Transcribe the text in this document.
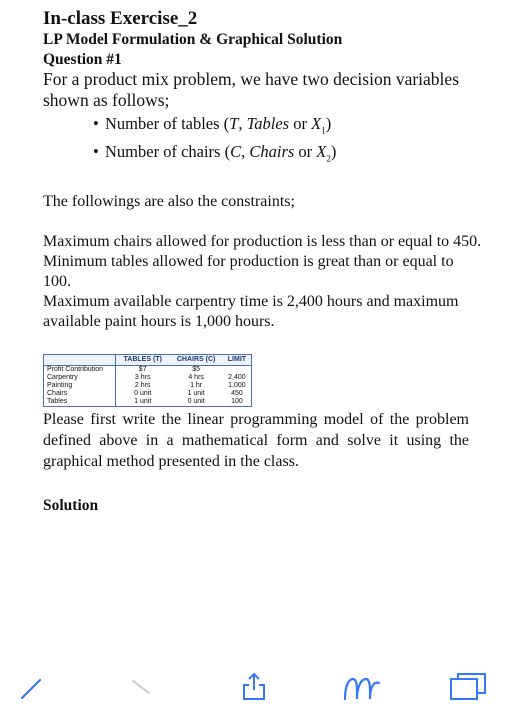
In-class Exercise_2

LP Model Formulation & Graphical Solution

Question #1

For a product mix problem, we have two decision variables shown as follows;

• Number of tables (T, Tables or $X_1$)
• Number of chairs (C, Chairs or $X_2$)

The followings are also the constraints;

Maximum chairs allowed for production is less than or equal to 450.

Minimum tables allowed for production is great than or equal to 100.

Maximum available carpentry time is 2,400 hours and maximum available paint hours is 1,000 hours.

	TABLES (T)	CHAIRS (C)	LIMIT
Profit Contribution	$7	$5	
Carpentry	3 hrs	4 hrs	2,400
Painting	2 hrs	1 hr	1,000
Chairs	0 unit	1 unit	450
Tables	1 unit	0 unit	100

Please first write the linear programming model of the problem defined above in a mathematical form and solve it using the graphical method presented in the class.

Solution
